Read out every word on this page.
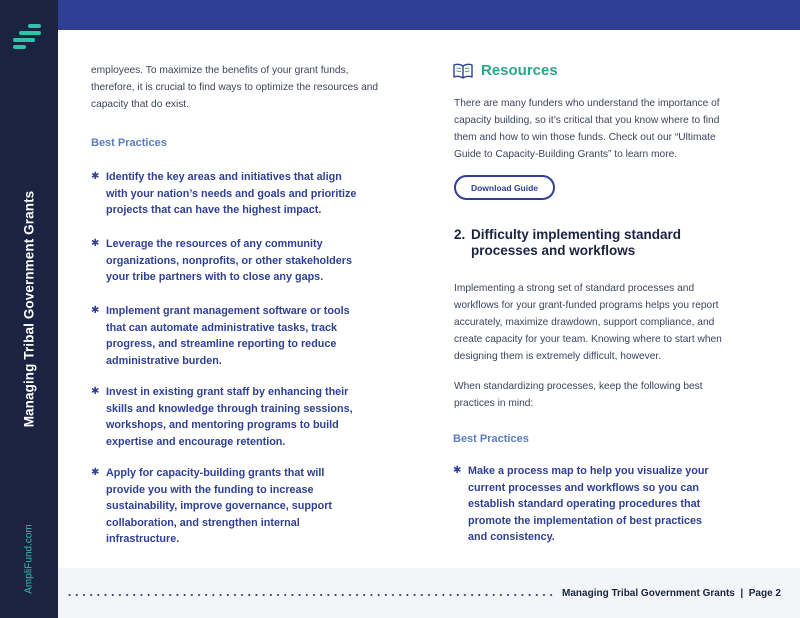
Managing Tribal Government Grants
AmpliFund.com
employees. To maximize the benefits of your grant funds,
therefore, it is crucial to find ways to optimize the resources and
capacity that do exist.
Best Practices
✱ Identify the key areas and initiatives that align
with your nation’s needs and goals and prioritize
projects that can have the highest impact.
✱ Leverage the resources of any community
organizations, nonprofits, or other stakeholders
your tribe partners with to close any gaps.
✱ Implement grant management software or tools
that can automate administrative tasks, track
progress, and streamline reporting to reduce
administrative burden.
✱ Invest in existing grant staff by enhancing their
skills and knowledge through training sessions,
workshops, and mentoring programs to build
expertise and encourage retention.
✱ Apply for capacity-building grants that will
provide you with the funding to increase
sustainability, improve governance, support
collaboration, and strengthen internal
infrastructure.
Resources
There are many funders who understand the importance of
capacity building, so it’s critical that you know where to find
them and how to win those funds. Check out our “Ultimate
Guide to Capacity-Building Grants” to learn more.
Download Guide
2. Difficulty implementing standard
processes and workflows
Implementing a strong set of standard processes and
workflows for your grant-funded programs helps you report
accurately, maximize drawdown, support compliance, and
create capacity for your team. Knowing where to start when
designing them is extremely difficult, however.
When standardizing processes, keep the following best
practices in mind:
Best Practices
✱ Make a process map to help you visualize your
current processes and workflows so you can
establish standard operating procedures that
promote the implementation of best practices
and consistency.
Managing Tribal Government Grants  |  Page 2
